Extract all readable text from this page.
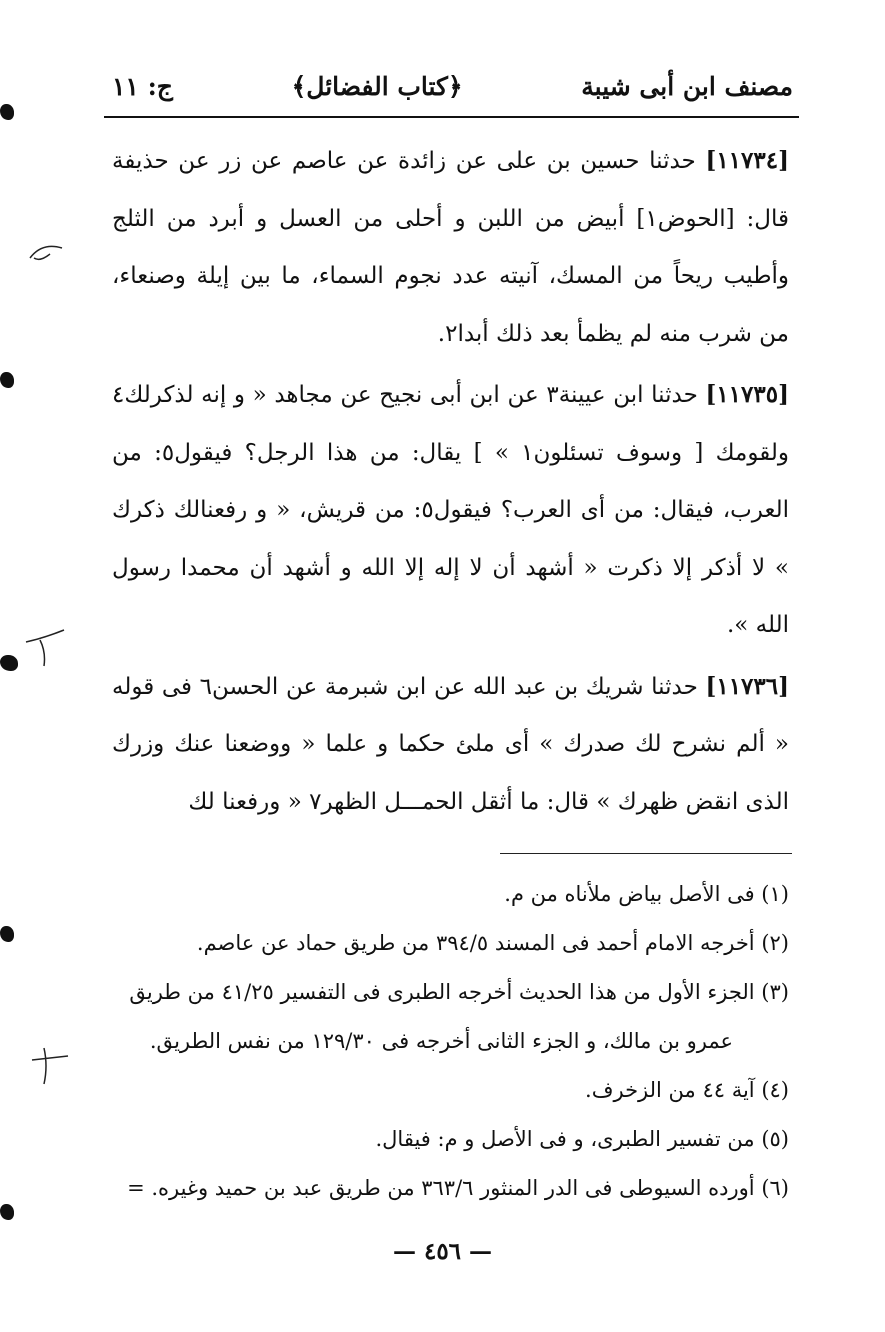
مصنف ابن أبى شيبة
﴿كتاب الفضائل﴾
ج: ١١

[١١٧٣٤] حدثنا حسين بن على عن زائدة عن عاصم عن زر عن حذيفة قال: [الحوض١] أبيض من اللبن و أحلى من العسل و أبرد من الثلج وأطيب ريحاً من المسك، آنيته عدد نجوم السماء، ما بين إيلة وصنعاء، من شرب منه لم يظمأ بعد ذلك أبدا٢.

[١١٧٣٥] حدثنا ابن عيينة٣ عن ابن أبى نجيح عن مجاهد « و إنه لذكرلك٤ ولقومك [ وسوف تسئلون١ » ] يقال: من هذا الرجل؟ فيقول٥: من العرب، فيقال: من أى العرب؟ فيقول٥: من قريش، « و رفعنالك ذكرك » لا أذكر إلا ذكرت « أشهد أن لا إله إلا الله و أشهد أن محمدا رسول الله ».

[١١٧٣٦] حدثنا شريك بن عبد الله عن ابن شبرمة عن الحسن٦ فى قوله « ألم نشرح لك صدرك » أى ملئ حكما و علما « ووضعنا عنك وزرك الذى انقض ظهرك » قال: ما أثقل الحمـــل الظهر٧ « ورفعنا لك

(١) فى الأصل بياض ملأناه من م.

(٢) أخرجه الامام أحمد فى المسند ٣٩٤/٥ من طريق حماد عن عاصم.

(٣) الجزء الأول من هذا الحديث أخرجه الطبرى فى التفسير ٤١/٢٥ من طريق

عمرو بن مالك، و الجزء الثانى أخرجه فى ١٢٩/٣٠ من نفس الطريق.

(٤) آية ٤٤ من الزخرف.

(٥) من تفسير الطبرى، و فى الأصل و م: فيقال.

(٦) أورده السيوطى فى الدر المنثور ٣٦٣/٦ من طريق عبد بن حميد وغيره. =

— ٤٥٦ —
